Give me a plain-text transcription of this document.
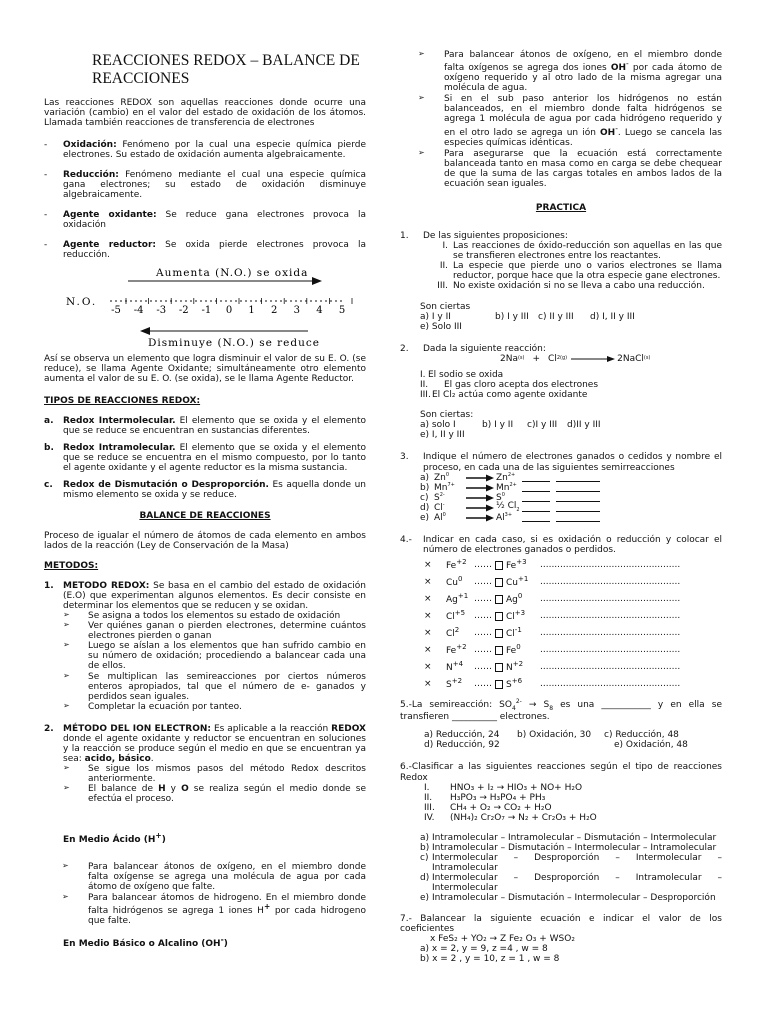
REACCIONES REDOX – BALANCE DE
REACCIONES

Las reacciones REDOX son aquellas reacciones donde ocurre una variación (cambio) en el valor del estado de oxidación de los átomos. Llamada también reacciones de transferencia de electrones

-	Oxidación: Fenómeno por la cual una especie química pierde electrones. Su estado de oxidación aumenta algebraicamente.
-	Reducción: Fenómeno mediante el cual una especie química gana electrones; su estado de oxidación disminuye algebraicamente.
-	Agente oxidante: Se reduce gana electrones provoca la oxidación
-	Agente reductor: Se oxida pierde electrones provoca la reducción.
Aumenta (N.O.) se oxida
N.O.
-5 -4 -3 -2 -1 0 1 2 3 4 5
Disminuye (N.O.) se reduce

Así se observa un elemento que logra disminuir el valor de su E. O. (se reduce), se llama Agente Oxidante; simultáneamente otro elemento aumenta el valor de su E. O. (se oxida), se le llama Agente Reductor.

TIPOS DE REACCIONES REDOX:
a.	Redox Intermolecular. El elemento que se oxida y el elemento que se reduce se encuentran en sustancias diferentes.
b.	Redox Intramolecular. El elemento que se oxida y el elemento que se reduce se encuentra en el mismo compuesto, por lo tanto el agente oxidante y el agente reductor es la misma sustancia.
c.	Redox de Dismutación o Desproporción. Es aquella donde un mismo elemento se oxida y se reduce.
BALANCE DE REACCIONES

Proceso de igualar el número de átomos de cada elemento en ambos lados de la reacción (Ley de Conservación de la Masa)

METODOS:
1.	METODO REDOX: Se basa en el cambio del estado de oxidación (E.O) que experimentan algunos elementos. Es decir consiste en determinar los elementos que se reducen y se oxidan.
➢	Se asigna a todos los elementos su estado de oxidación
➢	Ver quiénes ganan o pierden electrones, determine cuántos electrones pierden o ganan
➢	Luego se aíslan a los elementos que han sufrido cambio en su número de oxidación; procediendo a balancear cada una de ellos.
➢	Se multiplican las semireacciones por ciertos números enteros apropiados, tal que el número de e- ganados y perdidos sean iguales.
➢	Completar la ecuación por tanteo.
2.	MÉTODO DEL ION ELECTRON: Es aplicable a la reacción REDOX donde el agente oxidante y reductor se encuentran en soluciones y la reacción se produce según el medio en que se encuentran ya sea: acido, básico.
➢	Se sigue los mismos pasos del método Redox descritos anteriormente.
➢	El balance de H y O se realiza según el medio donde se efectúa el proceso.
En Medio Ácido (H+)
➢	Para balancear átonos de oxígeno, en el miembro donde falta oxígense se agrega una molécula de agua por cada átomo de oxígeno que falte.
➢	Para balancear átomos de hidrogeno. En el miembro donde falta hidrógenos se agrega 1 iones H+ por cada hidrogeno que falte.
En Medio Básico o Alcalino (OH-)
➢	Para balancear átonos de oxígeno, en el miembro donde falta oxígenos se agrega dos iones OH- por cada átomo de oxígeno requerido y al otro lado de la misma agregar una molécula de agua.
➢	Si en el sub paso anterior los hidrógenos no están balanceados, en el miembro donde falta hidrógenos se agrega 1 molécula de agua por cada hidrógeno requerido y en el otro lado se agrega un ión OH-. Luego se cancela las especies químicas idénticas.
➢	Para asegurarse que la ecuación está correctamente balanceada tanto en masa como en carga se debe chequear de que la suma de las cargas totales en ambos lados de la ecuación sean iguales.
PRACTICA
1.	De las siguientes proposiciones:
I. Las reacciones de óxido-reducción son aquellas en las que se transfieren electrones entre los reactantes.
II. La especie que pierde uno o varios electrones se llama reductor, porque hace que la otra especie gane electrones.
III. No existe oxidación si no se lleva a cabo una reducción.
Son ciertas
a) I y II	b) I y III	c) II y III	d) I, II y III
e) Solo III
2.	Dada la siguiente reacción:
2Na (s) + Cl 2(g)	2NaCl (s)
I. El sodio se oxida
II.	El gas cloro acepta dos electrones
III. El Cl₂ actúa como agente oxidante
Son ciertas:
a) solo I	b) I y II	c)I y III	d)II y III
e) I, II y III
3.	Indique el número de electrones ganados o cedidos y nombre el proceso, en cada una de las siguientes semirreacciones
a) $Zn^0$	→ $Zn^{2+}$
b) $Mn^{7+}$	→ $Mn^{2+}$
c) $S^{2-}$	→ $S^0$
d) Cl-	→ ½ $Cl_2$
e) $Al^0$	→ $Al^{3+}$
4.-	Indicar en cada caso, si es oxidación o reducción y colocar el número de electrones ganados o perdidos.
×	$Fe^{+2}$ …… $Fe^{+3}$	.................................................
×	$Cu^0$	…… $Cu^{+1}$	.................................................
×	$Ag^{+1}$ …… Ag$^0$	.................................................
×	$Cl^{+5}$ …… $Cl^{+3}$	.................................................
×	$Cl^2$	…… $Cl^{-1}$	.................................................
×	$Fe^{+2}$ …… Fe$^0$	.................................................
×	$N^{+4}$	…… $N^{+2}$	.................................................
×	$S^{+2}$	…… $S^{+6}$	.................................................
5.-La semireacción: $SO_4^{2-} \to S_8$ es una ___________ y en ella se transfieren __________ electrones.
a) Reducción, 24	b) Oxidación, 30	c) Reducción, 48
d) Reducción, 92	e) Oxidación, 48
6.-Clasificar a las siguientes reacciones según el tipo de reacciones Redox
I.	HNO₃ + I₂ → HIO₃ + NO+ H₂O
II.	H₃PO₃ → H₃PO₄ + PH₃
III.	CH₄ + O₂ → CO₂ + H₂O
IV.	(NH₄)₂ Cr₂O₇ → N₂ + Cr₂O₃ + H₂O
a) Intramolecular – Intramolecular – Dismutación – Intermolecular
b) Intramolecular – Dismutación – Intermolecular – Intramolecular
c) Intermolecular – Desproporción – Intermolecular – Intramolecular
d) Intermolecular – Desproporción – Intramolecular – Intermolecular
e) Intramolecular – Dismutación – Intermolecular – Desproporción
7.- Balancear la siguiente ecuación e indicar el valor de los coeficientes
x FeS₂ + YO₂ → Z Fe₂ O₃ + WSO₂
a) x = 2, y = 9, z =4 , w = 8
b) x = 2 , y = 10, z = 1 , w = 8
